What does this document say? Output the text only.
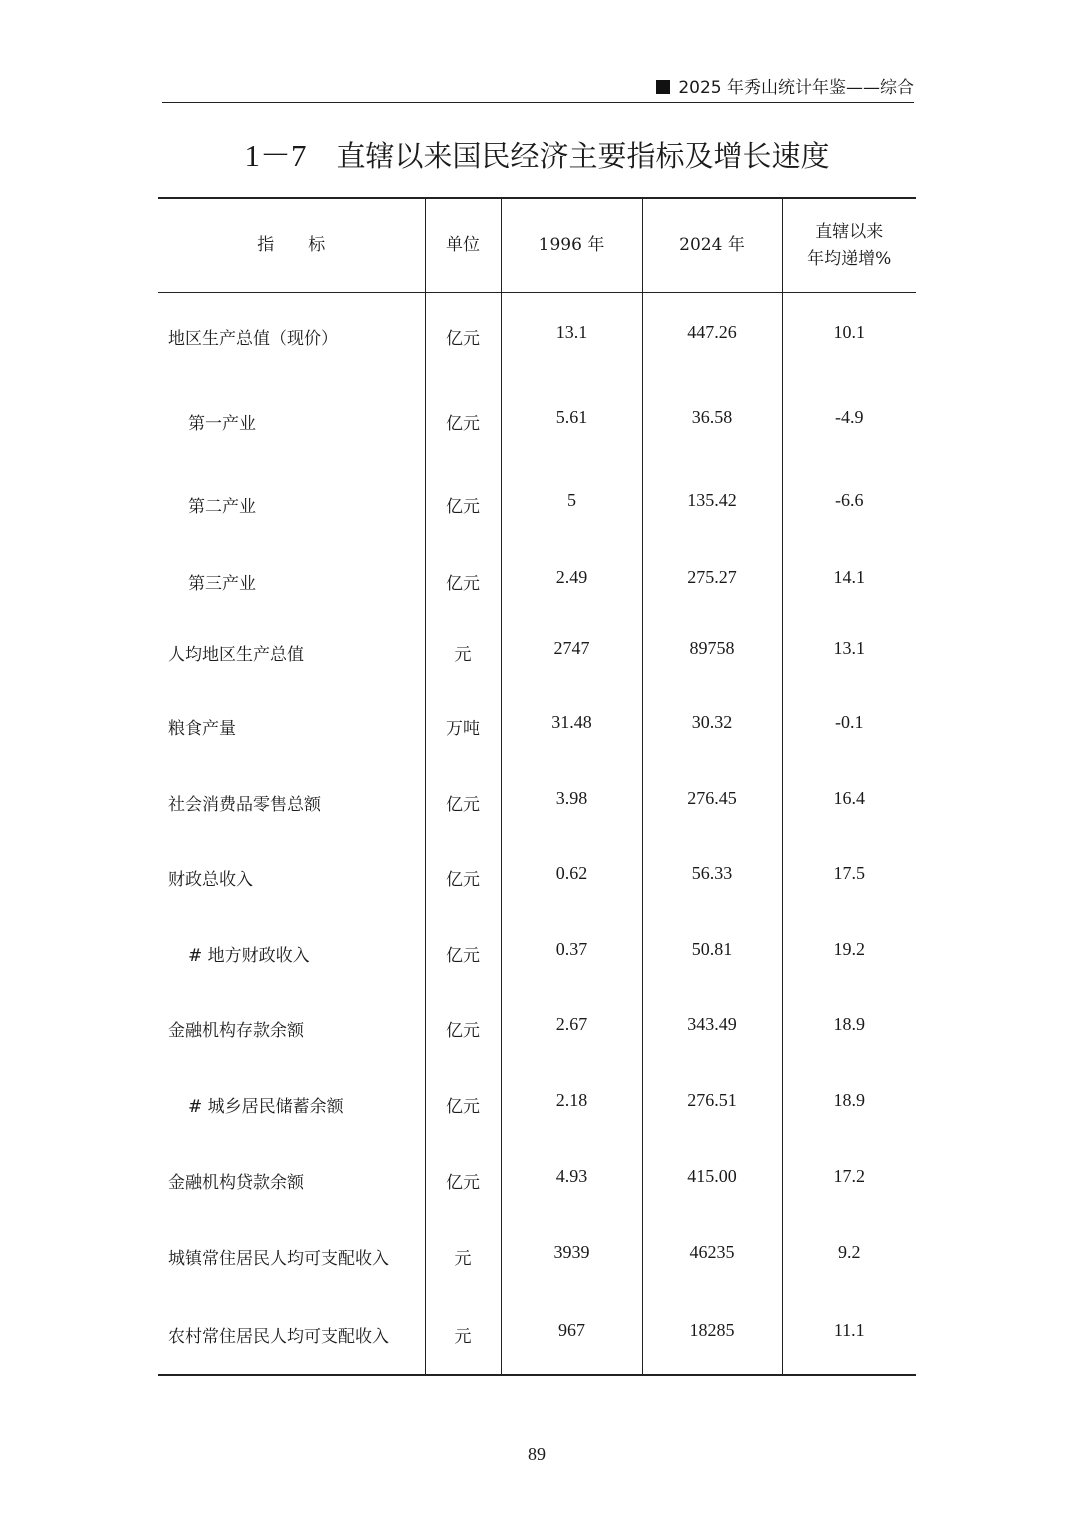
2025 年秀山统计年鉴——综合
1－7 直辖以来国民经济主要指标及增长速度
指　　标	单位	1996 年	2024 年	直辖以来
年均递增%

地区生产总值（现价）	亿元	13.1	447.26	10.1
第一产业	亿元	5.61	36.58	-4.9
第二产业	亿元	5	135.42	-6.6
第三产业	亿元	2.49	275.27	14.1
人均地区生产总值	元	2747	89758	13.1
粮食产量	万吨	31.48	30.32	-0.1
社会消费品零售总额	亿元	3.98	276.45	16.4
财政总收入	亿元	0.62	56.33	17.5
# 地方财政收入	亿元	0.37	50.81	19.2
金融机构存款余额	亿元	2.67	343.49	18.9
# 城乡居民储蓄余额	亿元	2.18	276.51	18.9
金融机构贷款余额	亿元	4.93	415.00	17.2
城镇常住居民人均可支配收入	元	3939	46235	9.2
农村常住居民人均可支配收入	元	967	18285	11.1
89
